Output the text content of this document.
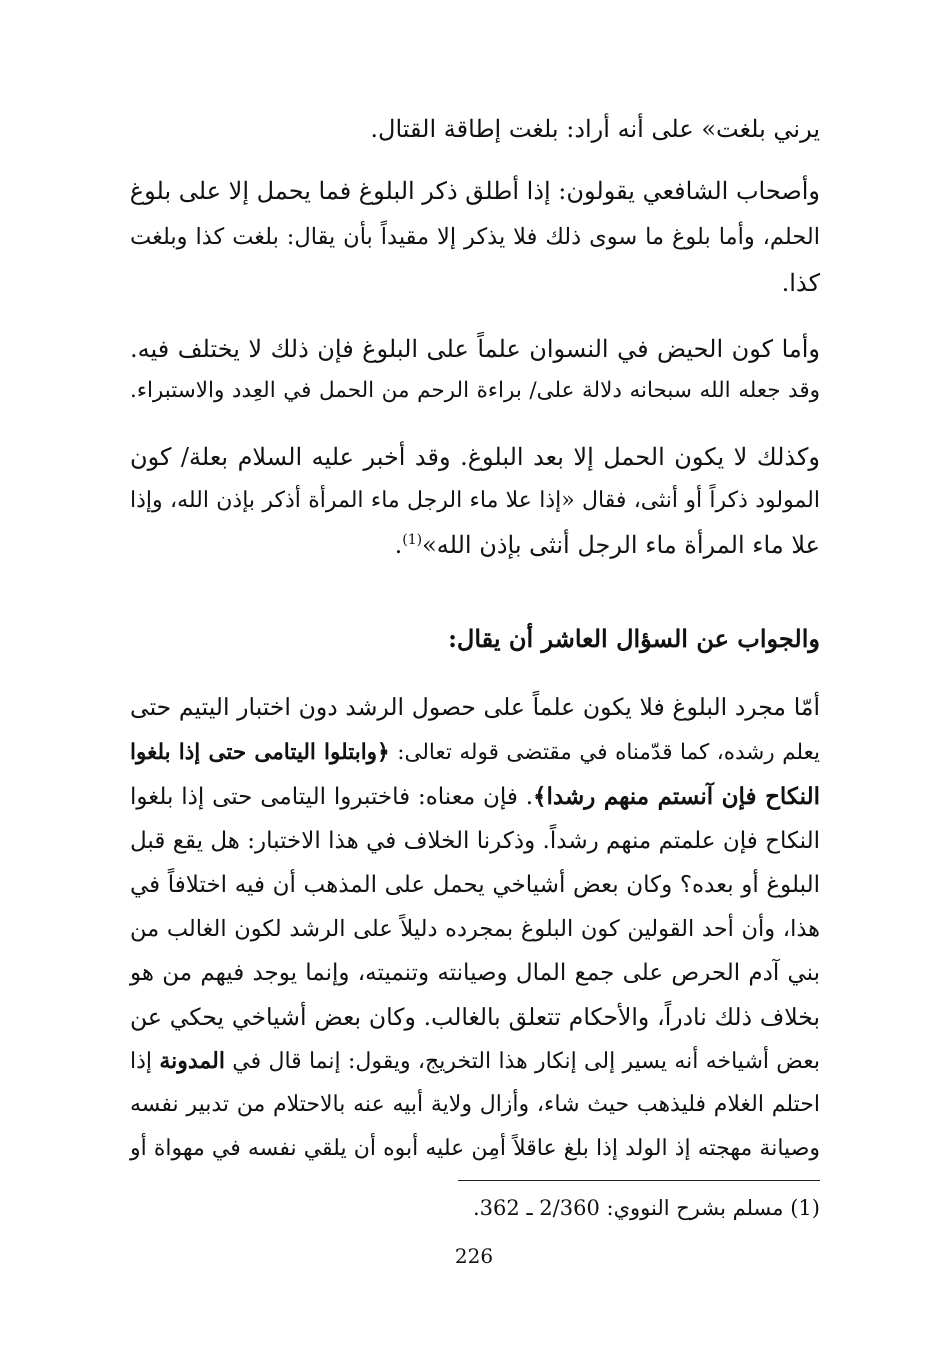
يرني بلغت» على أنه أراد: بلغت إطاقة القتال.
وأصحاب الشافعي يقولون: إذا أطلق ذكر البلوغ فما يحمل إلا على بلوغ
الحلم، وأما بلوغ ما سوى ذلك فلا يذكر إلا مقيداً بأن يقال: بلغت كذا وبلغت
كذا.
وأما كون الحيض في النسوان علماً على البلوغ فإن ذلك لا يختلف فيه.
وقد جعله الله سبحانه دلالة على/ براءة الرحم من الحمل في العِدد والاستبراء.
وكذلك لا يكون الحمل إلا بعد البلوغ. وقد أخبر عليه السلام بعلة/ كون
المولود ذكراً أو أنثى، فقال «إذا علا ماء الرجل ماء المرأة أذكر بإذن الله، وإذا
علا ماء المرأة ماء الرجل أنثى بإذن الله»$^{(1)}$.
والجواب عن السؤال العاشر أن يقال:
أمّا مجرد البلوغ فلا يكون علماً على حصول الرشد دون اختبار اليتيم حتى
يعلم رشده، كما قدّمناه في مقتضى قوله تعالى: ﴿وابتلوا اليتامى حتى إذا بلغوا
النكاح فإن آنستم منهم رشدا﴾. فإن معناه: فاختبروا اليتامى حتى إذا بلغوا
النكاح فإن علمتم منهم رشداً. وذكرنا الخلاف في هذا الاختبار: هل يقع قبل
البلوغ أو بعده؟ وكان بعض أشياخي يحمل على المذهب أن فيه اختلافاً في
هذا، وأن أحد القولين كون البلوغ بمجرده دليلاً على الرشد لكون الغالب من
بني آدم الحرص على جمع المال وصيانته وتنميته، وإنما يوجد فيهم من هو
بخلاف ذلك نادراً، والأحكام تتعلق بالغالب. وكان بعض أشياخي يحكي عن
بعض أشياخه أنه يسير إلى إنكار هذا التخريج، ويقول: إنما قال في المدونة إذا
احتلم الغلام فليذهب حيث شاء، وأزال ولاية أبيه عنه بالاحتلام من تدبير نفسه
وصيانة مهجته إذ الولد إذا بلغ عاقلاً أمِن عليه أبوه أن يلقي نفسه في مهواة أو
(1) مسلم بشرح النووي: 2/360 ـ 362.
226
